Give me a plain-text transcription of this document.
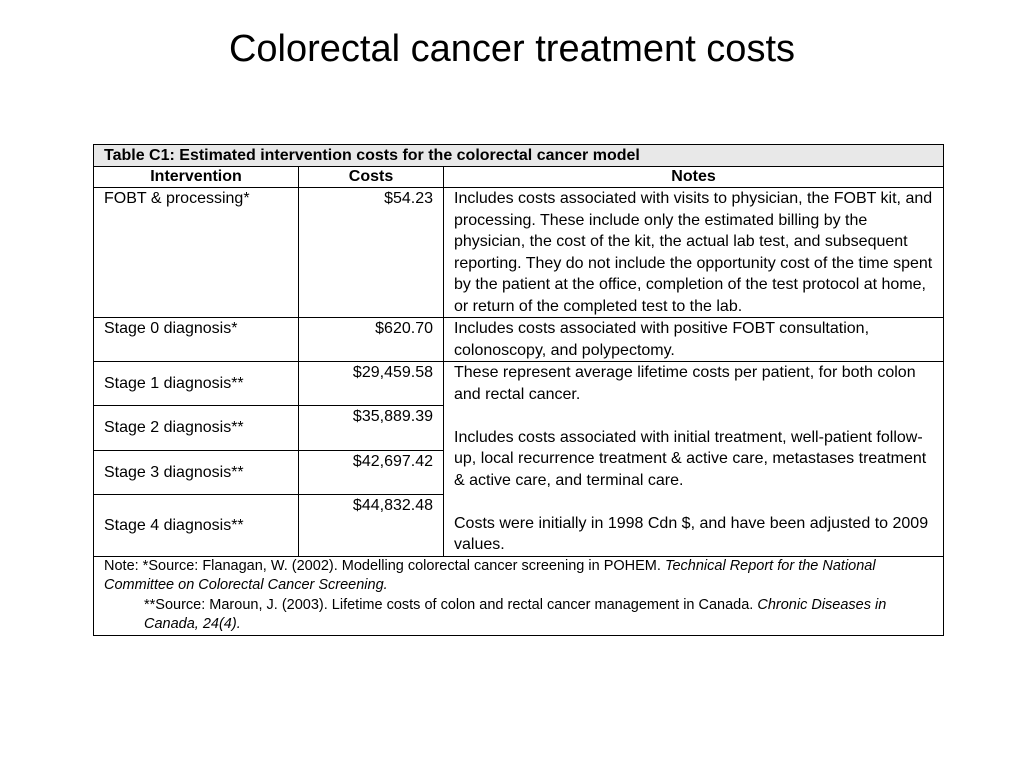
Colorectal cancer treatment costs
Table C1: Estimated intervention costs for the colorectal cancer model		
Intervention	Costs	Notes
FOBT & processing*	$54.23	Includes costs associated with visits to physician, the FOBT kit, and processing. These include only the estimated billing by the physician, the cost of the kit, the actual lab test, and subsequent reporting. They do not include the opportunity cost of the time spent by the patient at the office, completion of the test protocol at home, or return of the completed test to the lab.
Stage 0 diagnosis*	$620.70	Includes costs associated with positive FOBT consultation, colonoscopy, and polypectomy.
Stage 1 diagnosis**	$29,459.58	These represent average lifetime costs per patient, for both colon and rectal cancer.
Includes costs associated with initial treatment, well-patient follow-up, local recurrence treatment & active care, metastases treatment & active care, and terminal care.
Costs were initially in 1998 Cdn $, and have been adjusted to 2009 values.

Stage 2 diagnosis**	$35,889.39	
Stage 3 diagnosis**	$42,697.42	
Stage 4 diagnosis**	$44,832.48	

Note: *Source: Flanagan, W. (2002). Modelling colorectal cancer screening in POHEM. Technical Report for the National Committee on Colorectal Cancer Screening.
**Source: Maroun, J. (2003). Lifetime costs of colon and rectal cancer management in Canada. Chronic Diseases in Canada, 24(4).		
